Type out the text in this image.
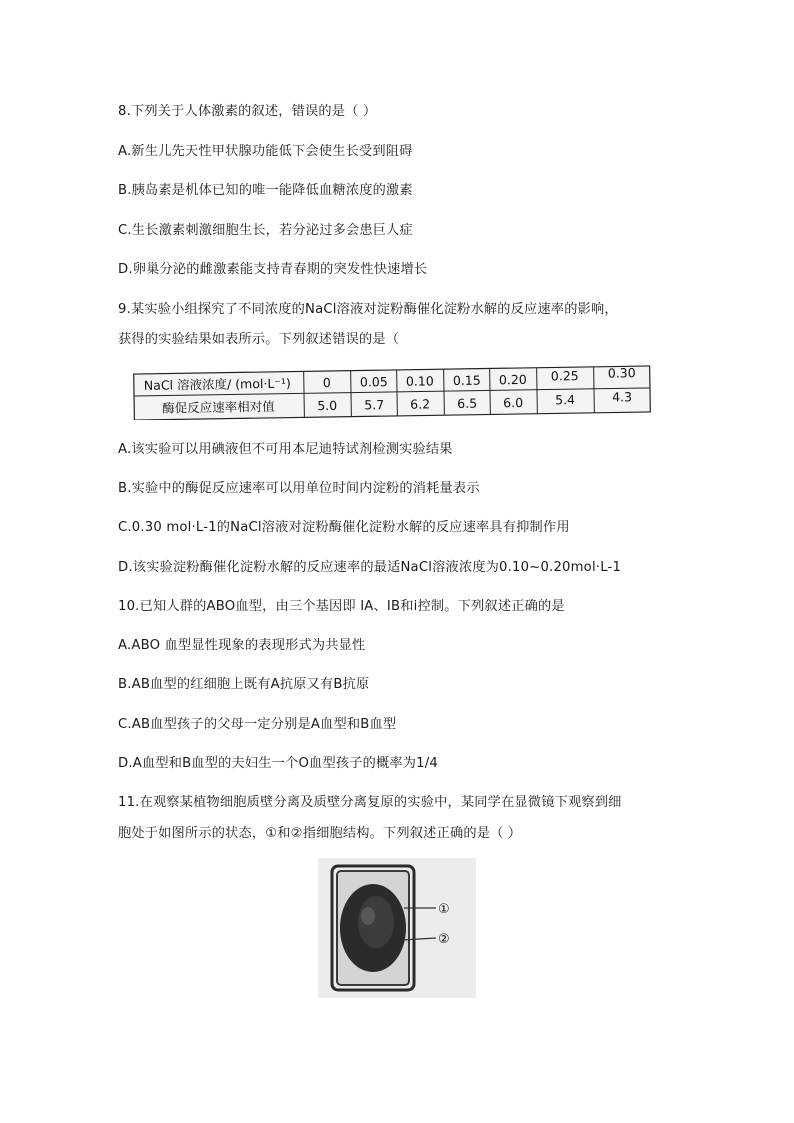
8.下列关于人体激素的叙述，错误的是（ ）
A.新生儿先天性甲状腺功能低下会使生长受到阻碍
B.胰岛素是机体已知的唯一能降低血糖浓度的激素
C.生长激素刺激细胞生长，若分泌过多会患巨人症
D.卵巢分泌的雌激素能支持青春期的突发性快速增长
9.某实验小组探究了不同浓度的NaCl溶液对淀粉酶催化淀粉水解的反应速率的影响，
获得的实验结果如表所示。下列叙述错误的是（
NaCl 溶液浓度/ (mol·L⁻¹)
酶促反应速率相对值
0 0.05 0.10 0.15 0.20 0.25 0.30
5.0 5.7 6.2 6.5 6.0	5.4	4.3
A.该实验可以用碘液但不可用本尼迪特试剂检测实验结果
B.实验中的酶促反应速率可以用单位时间内淀粉的消耗量表示
C.0.30 mol·L-1的NaCl溶液对淀粉酶催化淀粉水解的反应速率具有抑制作用
D.该实验淀粉酶催化淀粉水解的反应速率的最适NaCl溶液浓度为0.10~0.20mol·L-1
10.已知人群的ABO血型，由三个基因即 IA、IB和i控制。下列叙述正确的是
A.ABO 血型显性现象的表现形式为共显性
B.AB血型的红细胞上既有A抗原又有B抗原
C.AB血型孩子的父母一定分别是A血型和B血型
D.A血型和B血型的夫妇生一个O血型孩子的概率为1/4
11.在观察某植物细胞质壁分离及质壁分离复原的实验中，某同学在显微镜下观察到细
胞处于如图所示的状态，①和②指细胞结构。下列叙述正确的是（ ）
①
②
